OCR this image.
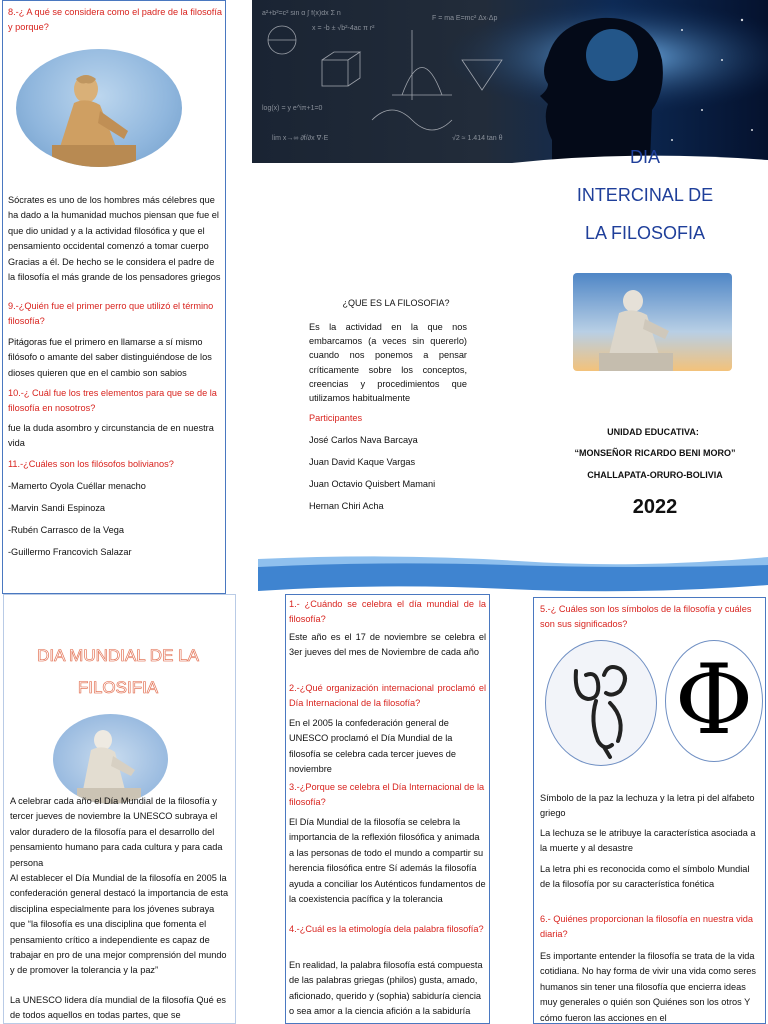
8.-¿ A qué se considera como el padre de la filosofía y porque?
Sócrates es uno de los hombres más célebres que ha dado a la humanidad muchos piensan que fue el que dio unidad y a la actividad filosófica y que el pensamiento occidental comenzó a tomar cuerpo Gracias a él. De hecho se le considera el padre de la filosofía el más grande de los pensadores griegos
9.-¿Quién fue el primer perro que utilizó el término filosofía?
Pitágoras fue el primero en llamarse a sí mismo filósofo o amante del saber distinguiéndose de los dioses quieren que en el cambio son sabios
10.-¿ Cuál fue los tres elementos para que se de la filosofía en nosotros?
fue la duda asombro y circunstancia de en nuestra vida
11.-¿Cuáles son los filósofos bolivianos?
-Mamerto Oyola Cuéllar menacho
-Marvin Sandi Espinoza
-Rubén Carrasco de la Vega
-Guillermo Francovich Salazar
¿QUE ES LA FILOSOFIA?
Es la actividad en la que nos embarcamos (a veces sin quererlo) cuando nos ponemos a pensar críticamente sobre los conceptos, creencias y procedimientos que utilizamos habitualmente
Participantes
José Carlos Nava Barcaya
Juan David Kaque Vargas
Juan Octavio Quisbert Mamani
Hernan Chiri Acha
a²+b²=c² sin α ∫ f(x)dx Σ n
x = -b ± √b²-4ac π r²
log(x) = y e^iπ+1=0
F = ma E=mc² Δx·Δp
lim x→∞ ∂f/∂x ∇·E	√2 ≈ 1.414 tan θ
DIA
INTERCINAL DE
LA FILOSOFIA
UNIDAD EDUCATIVA:
“MONSEÑOR RICARDO BENI MORO”
CHALLAPATA-ORURO-BOLIVIA
2022
DIA MUNDIAL DE LA FILOSIFIA
A celebrar cada año el Día Mundial de la filosofía y tercer jueves de noviembre la UNESCO subraya el valor duradero de la filosofía para el desarrollo del pensamiento humano para cada cultura y para cada persona
Al establecer el Día Mundial de la filosofía en 2005 la confederación general destacó la importancia de esta disciplina especialmente para los jóvenes subraya que “la filosofía es una disciplina que fomenta el pensamiento crítico a independiente es capaz de trabajar en pro de una mejor comprensión del mundo y de promover la tolerancia y la paz”
La UNESCO lidera día mundial de la filosofía Qué es de todos aquellos en todas partes, que se
1.- ¿Cuándo se celebra el día mundial de la filosofía?
Este año es el 17 de noviembre se celebra el 3er jueves del mes de Noviembre de cada año
2.-¿Qué organización internacional proclamó el Día Internacional de la filosofía?
En el 2005 la confederación general de UNESCO proclamó el Día Mundial de la filosofía se celebra cada tercer jueves de noviembre
3.-¿Porque se celebra el Día Internacional de la filosofía?
El Día Mundial de la filosofía se celebra la importancia de la reflexión filosófica y animada a las personas de todo el mundo a compartir su herencia filosófica entre Sí además la filosofía ayuda a conciliar los Auténticos fundamentos de la coexistencia pacífica y la tolerancia
4.-¿Cuál es la etimología dela palabra filosofía?
En realidad, la palabra filosofía está compuesta de las palabras griegas (philos) gusta, amado, aficionado, querido y (sophia) sabiduría ciencia o sea amor a la ciencia afición a la sabiduría
5.-¿ Cuáles son los símbolos de la filosofía y cuáles son sus significados?
Φ
Símbolo de la paz la lechuza y la letra pi del alfabeto griego
La lechuza se le atribuye la característica asociada a la muerte y al desastre
La letra phi es reconocida como el símbolo Mundial de la filosofía por su característica fonética
6.- Quiénes proporcionan la filosofía en nuestra vida diaria?
Es importante entender la filosofía se trata de la vida cotidiana. No hay forma de vivir una vida como seres humanos sin tener una filosofía que encierra ideas muy generales o quién son Quiénes son los otros Y cómo fueron las acciones en el
